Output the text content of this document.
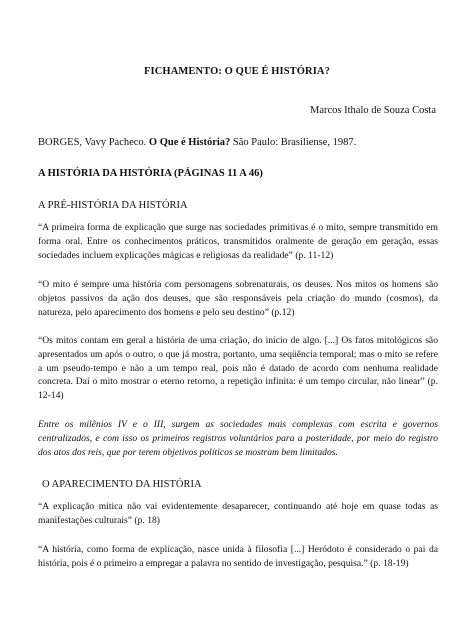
FICHAMENTO: O QUE É HISTÓRIA?
Marcos Ithalo de Souza Costa
BORGES, Vavy Pacheco. O Que é História? São Paulo: Brasiliense, 1987.
A HISTÓRIA DA HISTÓRIA (PÁGINAS 11 A 46)
A PRÉ-HISTÓRIA DA HISTÓRIA
“A primeira forma de explicação que surge nas sociedades primitivas é o mito, sempre transmitido em forma oral. Entre os conhecimentos práticos, transmitidos oralmente de geração em geração, essas sociedades incluem explicações mágicas e religiosas da realidade” (p. 11-12)
“O mito é sempre uma história com personagens sobrenaturais, os deuses. Nos mitos os homens são objetos passivos da ação dos deuses, que são responsáveis pela criação do mundo (cosmos), da natureza, pelo aparecimento dos homens e pelo seu destino” (p.12)
“Os mitos contam em geral a história de uma criação, do início de algo. [...] Os fatos mitológicos são apresentados um após o outro, o que já mostra, portanto, uma seqüência temporal; mas o mito se refere a um pseudo-tempo e não a um tempo real, pois não é datado de acordo com nenhuma realidade concreta. Daí o mito mostrar o eterno retorno, a repetição infinita: é um tempo circular, não linear” (p. 12-14)
Entre os milênios IV e o III, surgem as sociedades mais complexas com escrita e governos centralizados, e com isso os primeiros registros voluntários para a posteridade, por meio do registro dos atos dos reis, que por terem objetivos políticos se mostram bem limitados.
O APARECIMENTO DA HISTÓRIA
“A explicação mítica não vai evidentemente desaparecer, continuando até hoje em quase todas as manifestações culturais” (p. 18)
“A história, como forma de explicação, nasce unida à filosofia [...] Heródoto é considerado o pai da história, pois é o primeiro a empregar a palavra no sentido de investigação, pesquisa.” (p. 18-19)
